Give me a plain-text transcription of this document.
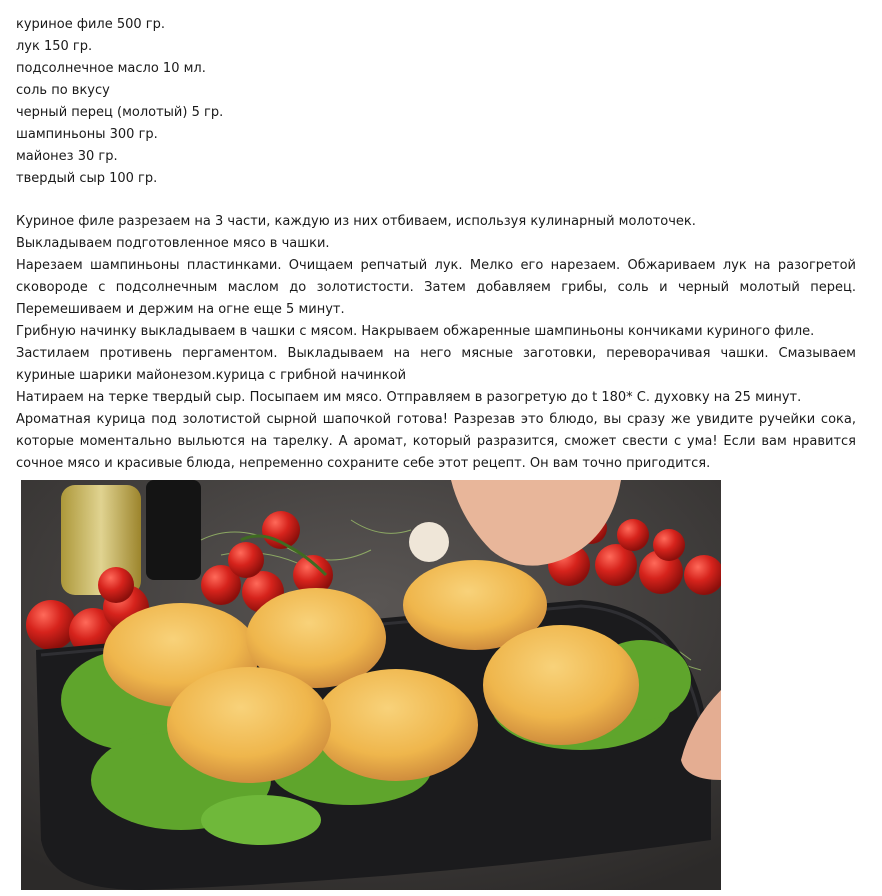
куриное филе 500 гр.
лук 150 гр.
подсолнечное масло 10 мл.
соль по вкусу
черный перец (молотый) 5 гр.
шампиньоны 300 гр.
майонез 30 гр.
твердый сыр 100 гр.

Куриное филе разрезаем на 3 части, каждую из них отбиваем, используя кулинарный молоточек.

Выкладываем подготовленное мясо в чашки.

Нарезаем шампиньоны пластинками. Очищаем репчатый лук. Мелко его нарезаем. Обжариваем лук на разогретой сковороде с подсолнечным маслом до золотистости. Затем добавляем грибы, соль и черный молотый перец. Перемешиваем и держим на огне еще 5 минут.

Грибную начинку выкладываем в чашки с мясом. Накрываем обжаренные шампиньоны кончиками куриного филе.

Застилаем противень пергаментом. Выкладываем на него мясные заготовки, переворачивая чашки. Смазываем куриные шарики майонезом.курица с грибной начинкой

Натираем на терке твердый сыр. Посыпаем им мясо. Отправляем в разогретую до t 180* С. духовку на 25 минут.

Ароматная курица под золотистой сырной шапочкой готова! Разрезав это блюдо, вы сразу же увидите ручейки сока, которые моментально выльются на тарелку. А аромат, который разразится, сможет свести с ума! Если вам нравится сочное мясо и красивые блюда, непременно сохраните себе этот рецепт. Он вам точно пригодится.
